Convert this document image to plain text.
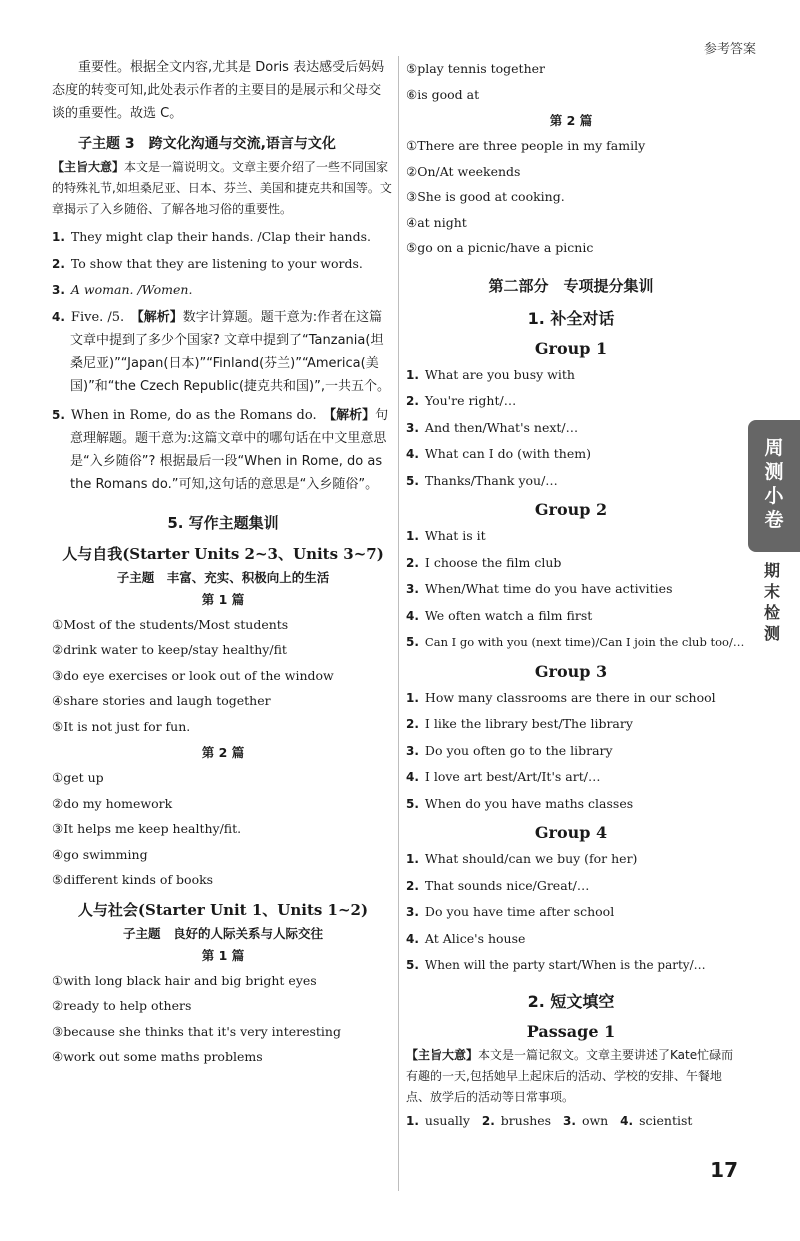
参考答案

重要性。根据全文内容,尤其是 Doris 表达感受后妈妈态度的转变可知,此处表示作者的主要目的是展示和父母交谈的重要性。故选 C。

子主题 3　跨文化沟通与交流,语言与文化

【主旨大意】本文是一篇说明文。文章主要介绍了一些不同国家的特殊礼节,如坦桑尼亚、日本、芬兰、美国和捷克共和国等。文章揭示了入乡随俗、了解各地习俗的重要性。

1. They might clap their hands. /Clap their hands.
2. To show that they are listening to your words.
3. A woman. /Women.

4. Five. /5.　【解析】数字计算题。题干意为:作者在这篇文章中提到了多少个国家? 文章中提到了“Tanzania(坦桑尼亚)”“Japan(日本)”“Finland(芬兰)”“America(美国)”和“the Czech Republic(捷克共和国)”,一共五个。

5. When in Rome, do as the Romans do.　【解析】句意理解题。题干意为:这篇文章中的哪句话在中文里意思是“入乡随俗”? 根据最后一段“When in Rome, do as the Romans do.”可知,这句话的意思是“入乡随俗”。

5. 写作主题集训
人与自我(Starter Units 2~3、Units 3~7)
子主题　丰富、充实、积极向上的生活
第 1 篇
①Most of the students/Most students
②drink water to keep/stay healthy/fit
③do eye exercises or look out of the window
④share stories and laugh together
⑤It is not just for fun.
第 2 篇
①get up
②do my homework
③It helps me keep healthy/fit.
④go swimming
⑤different kinds of books
人与社会(Starter Unit 1、Units 1~2)
子主题　良好的人际关系与人际交往
第 1 篇
①with long black hair and big bright eyes
②ready to help others
③because she thinks that it's very interesting
④work out some maths problems
⑤play tennis together
⑥is good at
第 2 篇
①There are three people in my family
②On/At weekends
③She is good at cooking.
④at night
⑤go on a picnic/have a picnic
第二部分　专项提分集训
1. 补全对话
Group 1
1. What are you busy with
2. You're right/…
3. And then/What's next/…
4. What can I do (with them)
5. Thanks/Thank you/…
Group 2
1. What is it
2. I choose the film club
3. When/What time do you have activities
4. We often watch a film first
5. Can I go with you (next time)/Can I join the club too/…
Group 3
1. How many classrooms are there in our school
2. I like the library best/The library
3. Do you often go to the library
4. I love art best/Art/It's art/…
5. When do you have maths classes
Group 4
1. What should/can we buy (for her)
2. That sounds nice/Great/…
3. Do you have time after school
4. At Alice's house
5. When will the party start/When is the party/…
2. 短文填空
Passage 1

【主旨大意】本文是一篇记叙文。文章主要讲述了Kate忙碌而有趣的一天,包括她早上起床后的活动、学校的安排、午餐地点、放学后的活动等日常事项。

1. usually 2. brushes 3. own 4. scientist
周测小卷
期末检测
17
